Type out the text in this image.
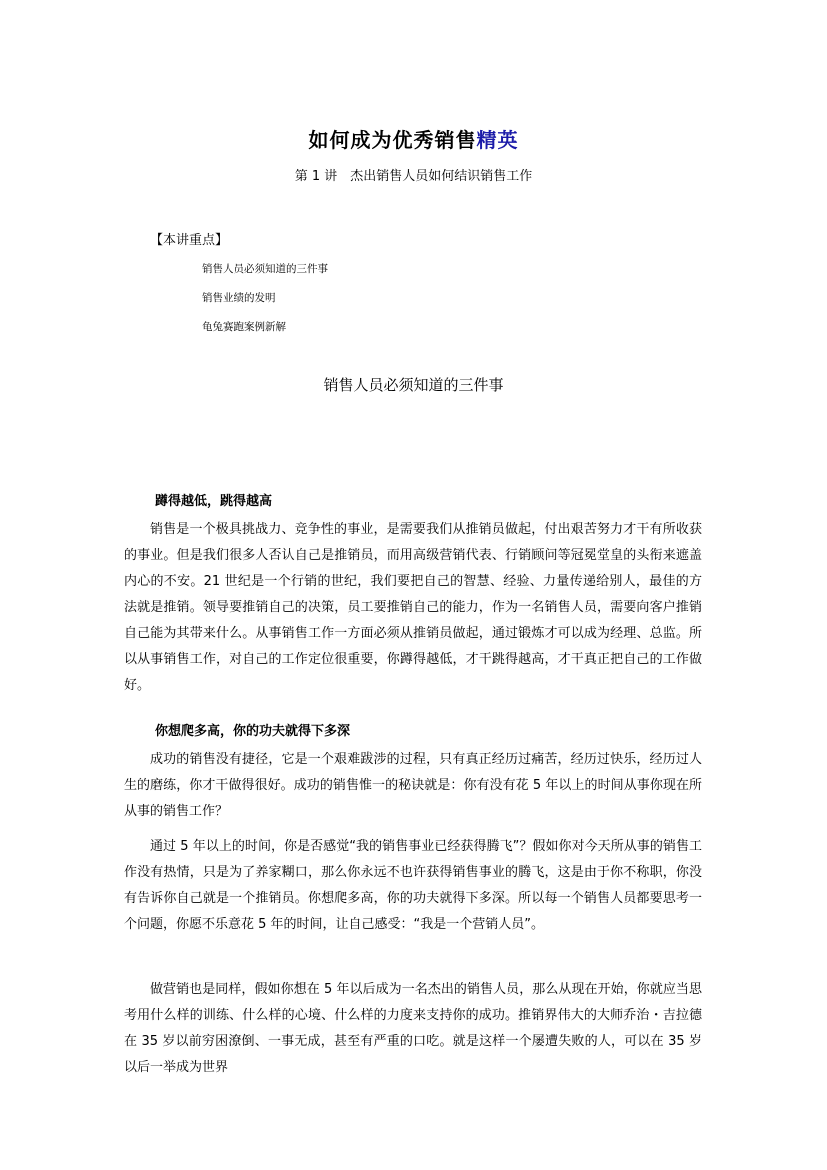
如何成为优秀销售精英
第 1 讲　杰出销售人员如何结识销售工作
【本讲重点】
销售人员必须知道的三件事
销售业绩的发明
龟兔赛跑案例新解
销售人员必须知道的三件事
蹲得越低，跳得越高

销售是一个极具挑战力、竞争性的事业，是需要我们从推销员做起，付出艰苦努力才干有所收获的事业。但是我们很多人否认自己是推销员，而用高级营销代表、行销顾问等冠冕堂皇的头衔来遮盖内心的不安。21 世纪是一个行销的世纪，我们要把自己的智慧、经验、力量传递给别人，最佳的方法就是推销。领导要推销自己的决策，员工要推销自己的能力，作为一名销售人员，需要向客户推销自己能为其带来什么。从事销售工作一方面必须从推销员做起，通过锻炼才可以成为经理、总监。所以从事销售工作，对自己的工作定位很重要，你蹲得越低，才干跳得越高，才干真正把自己的工作做好。

你想爬多高，你的功夫就得下多深

成功的销售没有捷径，它是一个艰难跋涉的过程，只有真正经历过痛苦，经历过快乐，经历过人生的磨练，你才干做得很好。成功的销售惟一的秘诀就是：你有没有花 5 年以上的时间从事你现在所从事的销售工作？

通过 5 年以上的时间，你是否感觉“我的销售事业已经获得腾飞”？假如你对今天所从事的销售工作没有热情，只是为了养家糊口，那么你永远不也许获得销售事业的腾飞，这是由于你不称职，你没有告诉你自己就是一个推销员。你想爬多高，你的功夫就得下多深。所以每一个销售人员都要思考一个问题，你愿不乐意花 5 年的时间，让自己感受：“我是一个营销人员”。

做营销也是同样，假如你想在 5 年以后成为一名杰出的销售人员，那么从现在开始，你就应当思考用什么样的训练、什么样的心境、什么样的力度来支持你的成功。推销界伟大的大师乔治・吉拉德在 35 岁以前穷困潦倒、一事无成，甚至有严重的口吃。就是这样一个屡遭失败的人，可以在 35 岁以后一举成为世界
